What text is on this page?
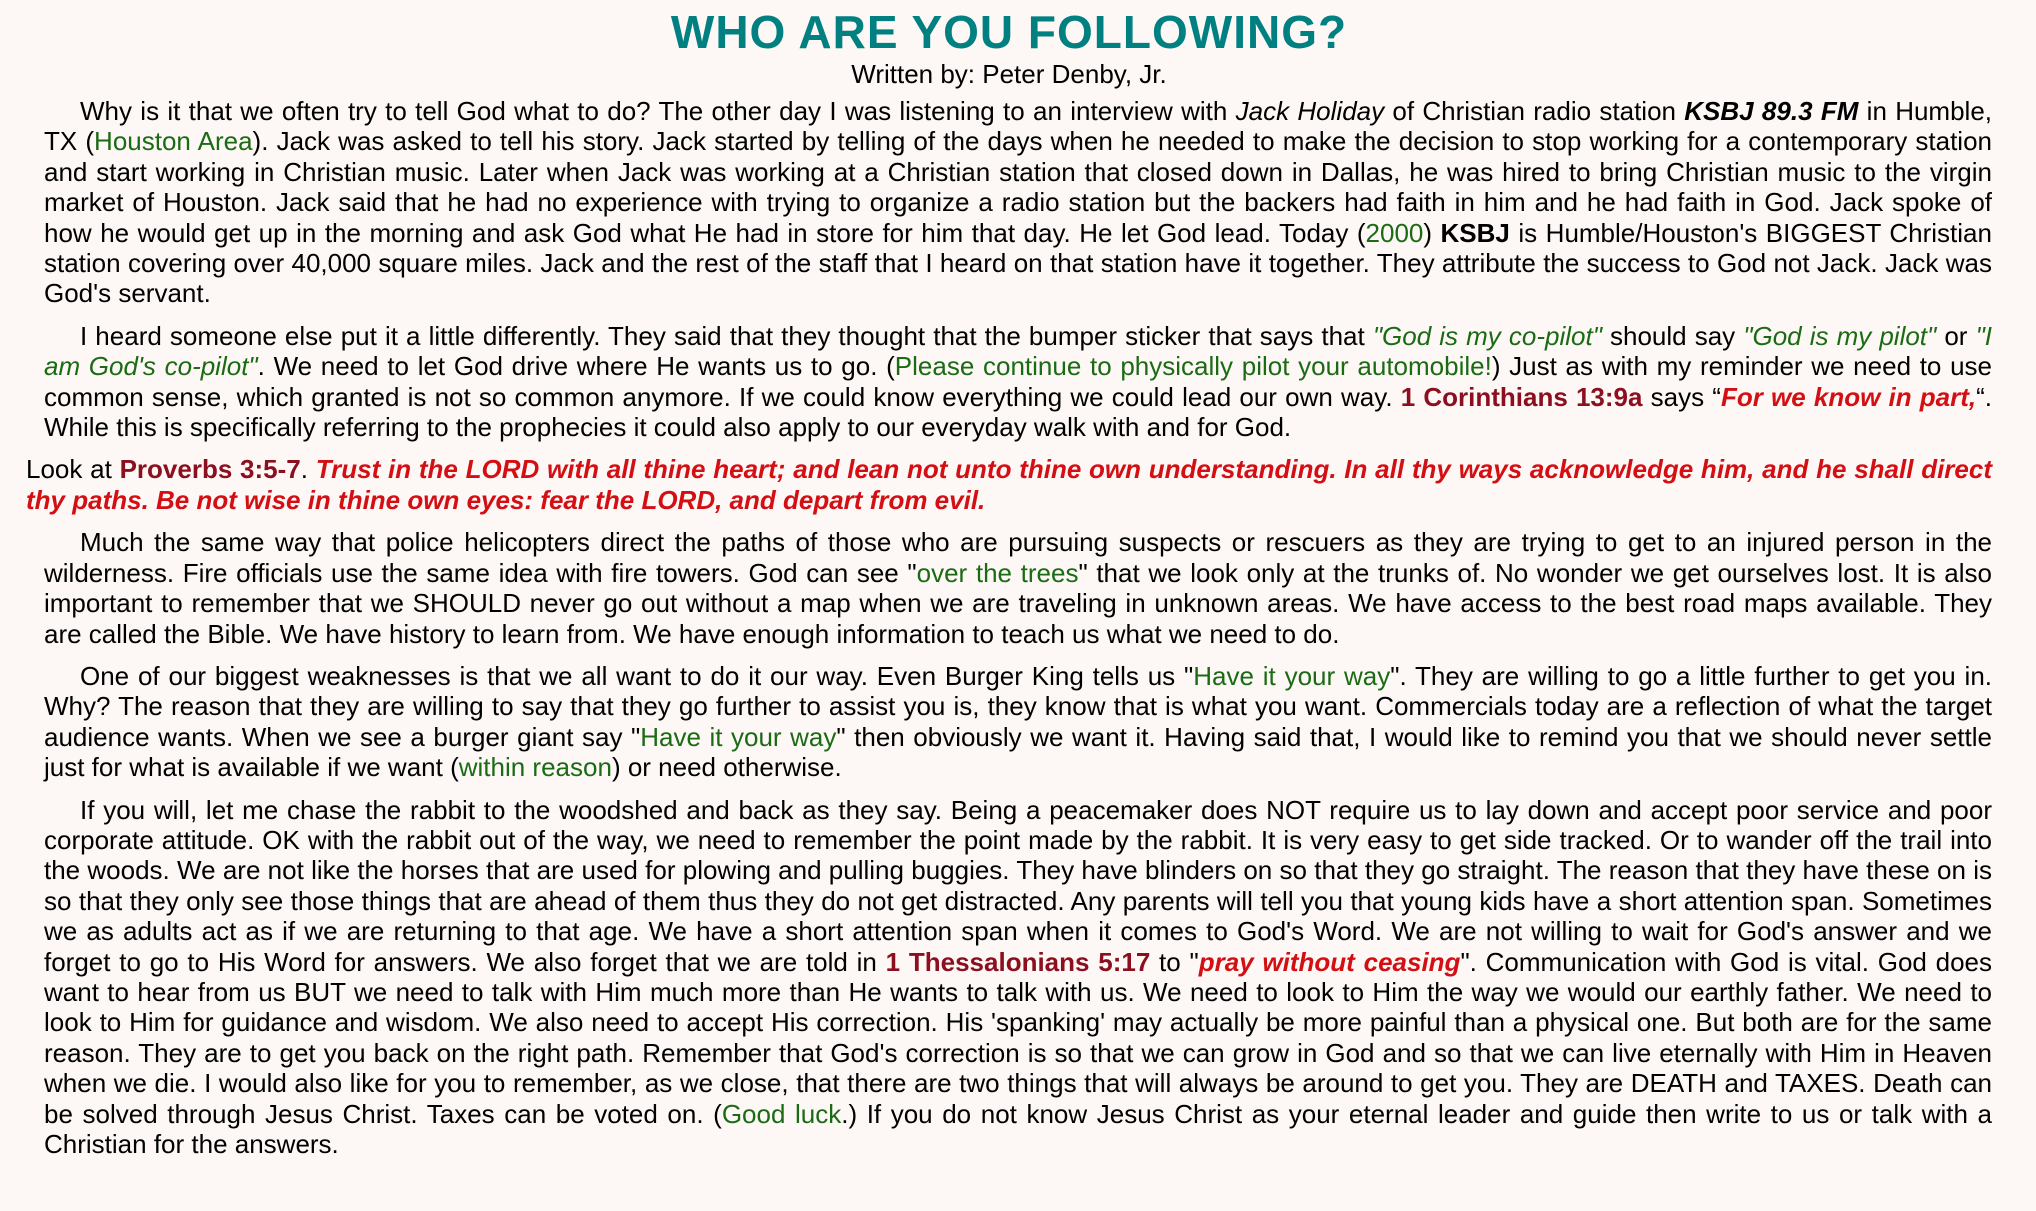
WHO ARE YOU FOLLOWING?
Written by: Peter Denby, Jr.

Why is it that we often try to tell God what to do? The other day I was listening to an interview with Jack Holiday of Christian radio station KSBJ 89.3 FM in Humble, TX (Houston Area). Jack was asked to tell his story. Jack started by telling of the days when he needed to make the decision to stop working for a contemporary station and start working in Christian music. Later when Jack was working at a Christian station that closed down in Dallas, he was hired to bring Christian music to the virgin market of Houston. Jack said that he had no experience with trying to organize a radio station but the backers had faith in him and he had faith in God. Jack spoke of how he would get up in the morning and ask God what He had in store for him that day. He let God lead. Today (2000) KSBJ is Humble/Houston's BIGGEST Christian station covering over 40,000 square miles. Jack and the rest of the staff that I heard on that station have it together. They attribute the success to God not Jack. Jack was God's servant.

I heard someone else put it a little differently. They said that they thought that the bumper sticker that says that "God is my co-pilot" should say "God is my pilot" or "I am God's co-pilot". We need to let God drive where He wants us to go. (Please continue to physically pilot your automobile!) Just as with my reminder we need to use common sense, which granted is not so common anymore. If we could know everything we could lead our own way. 1 Corinthians 13:9a says “For we know in part,“. While this is specifically referring to the prophecies it could also apply to our everyday walk with and for God.

Look at Proverbs 3:5-7. Trust in the LORD with all thine heart; and lean not unto thine own understanding. In all thy ways acknowledge him, and he shall direct thy paths. Be not wise in thine own eyes: fear the LORD, and depart from evil.

Much the same way that police helicopters direct the paths of those who are pursuing suspects or rescuers as they are trying to get to an injured person in the wilderness. Fire officials use the same idea with fire towers. God can see "over the trees" that we look only at the trunks of. No wonder we get ourselves lost. It is also important to remember that we SHOULD never go out without a map when we are traveling in unknown areas. We have access to the best road maps available. They are called the Bible. We have history to learn from. We have enough information to teach us what we need to do.

One of our biggest weaknesses is that we all want to do it our way. Even Burger King tells us "Have it your way". They are willing to go a little further to get you in. Why? The reason that they are willing to say that they go further to assist you is, they know that is what you want. Commercials today are a reflection of what the target audience wants. When we see a burger giant say "Have it your way" then obviously we want it. Having said that, I would like to remind you that we should never settle just for what is available if we want (within reason) or need otherwise.

If you will, let me chase the rabbit to the woodshed and back as they say. Being a peacemaker does NOT require us to lay down and accept poor service and poor corporate attitude. OK with the rabbit out of the way, we need to remember the point made by the rabbit. It is very easy to get side tracked. Or to wander off the trail into the woods. We are not like the horses that are used for plowing and pulling buggies. They have blinders on so that they go straight. The reason that they have these on is so that they only see those things that are ahead of them thus they do not get distracted. Any parents will tell you that young kids have a short attention span. Sometimes we as adults act as if we are returning to that age. We have a short attention span when it comes to God's Word. We are not willing to wait for God's answer and we forget to go to His Word for answers. We also forget that we are told in 1 Thessalonians 5:17 to "pray without ceasing". Communication with God is vital. God does want to hear from us BUT we need to talk with Him much more than He wants to talk with us. We need to look to Him the way we would our earthly father. We need to look to Him for guidance and wisdom. We also need to accept His correction. His 'spanking' may actually be more painful than a physical one. But both are for the same reason. They are to get you back on the right path. Remember that God's correction is so that we can grow in God and so that we can live eternally with Him in Heaven when we die. I would also like for you to remember, as we close, that there are two things that will always be around to get you. They are DEATH and TAXES. Death can be solved through Jesus Christ. Taxes can be voted on. (Good luck.) If you do not know Jesus Christ as your eternal leader and guide then write to us or talk with a Christian for the answers.
